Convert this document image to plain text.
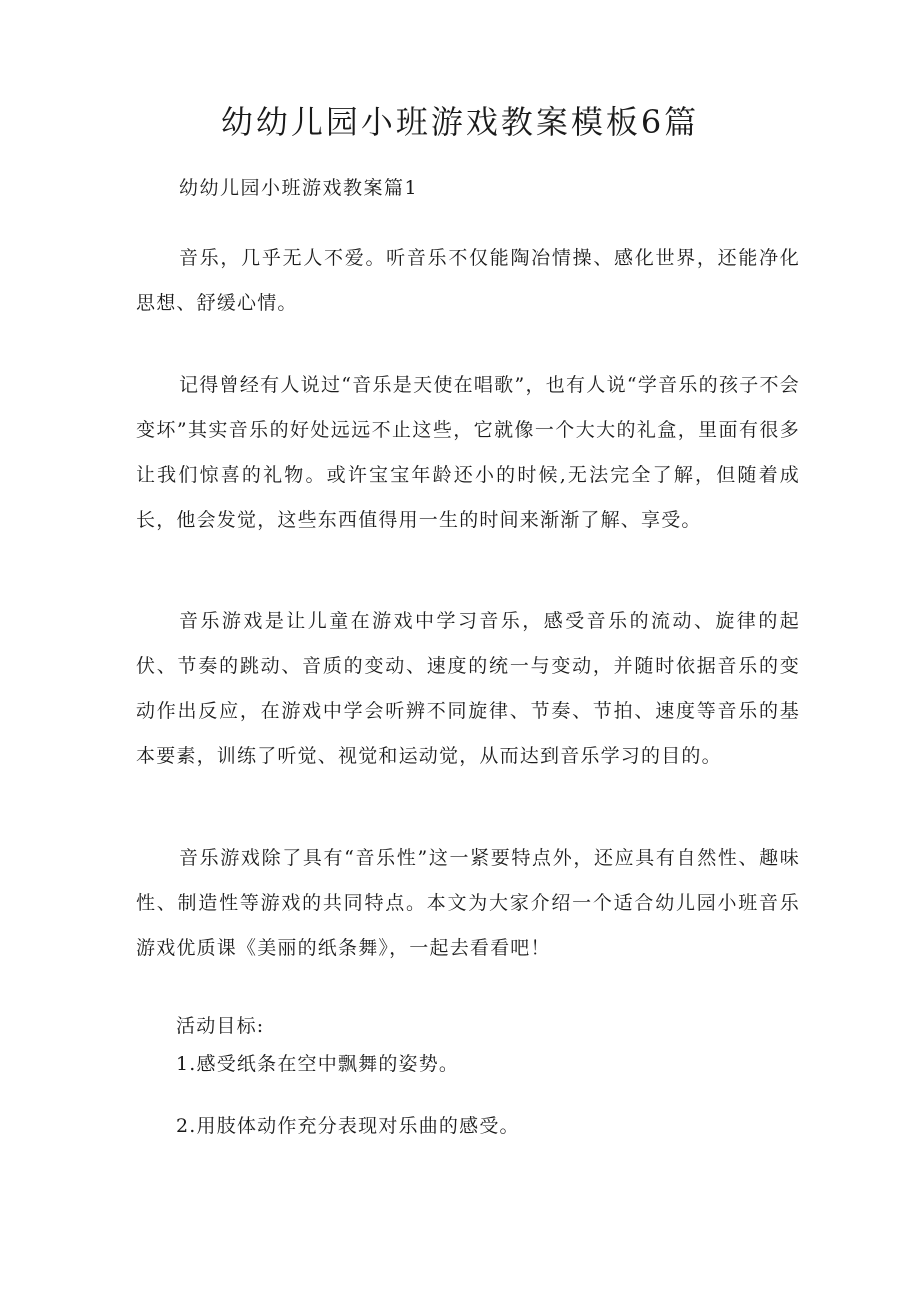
幼幼儿园小班游戏教案模板6篇

幼幼儿园小班游戏教案篇1

音乐，几乎无人不爱。听音乐不仅能陶冶情操、感化世界，还能净化思想、舒缓心情。

记得曾经有人说过“音乐是天使在唱歌”，也有人说“学音乐的孩子不会变坏”其实音乐的好处远远不止这些，它就像一个大大的礼盒，里面有很多让我们惊喜的礼物。或许宝宝年龄还小的时候,无法完全了解，但随着成长，他会发觉，这些东西值得用一生的时间来渐渐了解、享受。

音乐游戏是让儿童在游戏中学习音乐，感受音乐的流动、旋律的起伏、节奏的跳动、音质的变动、速度的统一与变动，并随时依据音乐的变动作出反应，在游戏中学会听辨不同旋律、节奏、节拍、速度等音乐的基本要素，训练了听觉、视觉和运动觉，从而达到音乐学习的目的。

音乐游戏除了具有“音乐性”这一紧要特点外，还应具有自然性、趣味性、制造性等游戏的共同特点。本文为大家介绍一个适合幼儿园小班音乐游戏优质课《美丽的纸条舞》，一起去看看吧！

活动目标:

1.感受纸条在空中飘舞的姿势。

2.用肢体动作充分表现对乐曲的感受。
